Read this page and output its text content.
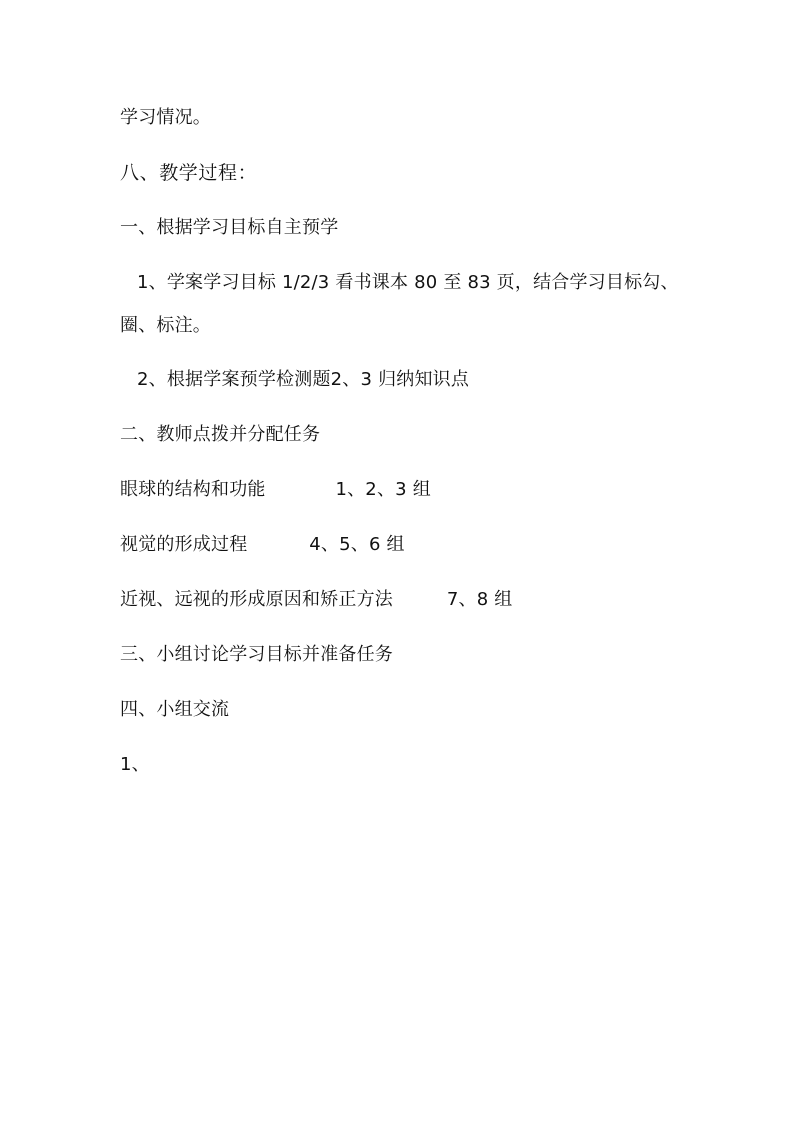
学习情况。
八、教学过程：
一、根据学习目标自主预学
1、学案学习目标 1/2/3 看书课本 80 至 83 页，结合学习目标勾、
圈、标注。
2、根据学案预学检测题2、3 归纳知识点
二、教师点拨并分配任务
眼球的结构和功能	1、2、3 组
视觉的形成过程	4、5、6 组
近视、远视的形成原因和矫正方法	7、8 组
三、小组讨论学习目标并准备任务
四、小组交流
1、
